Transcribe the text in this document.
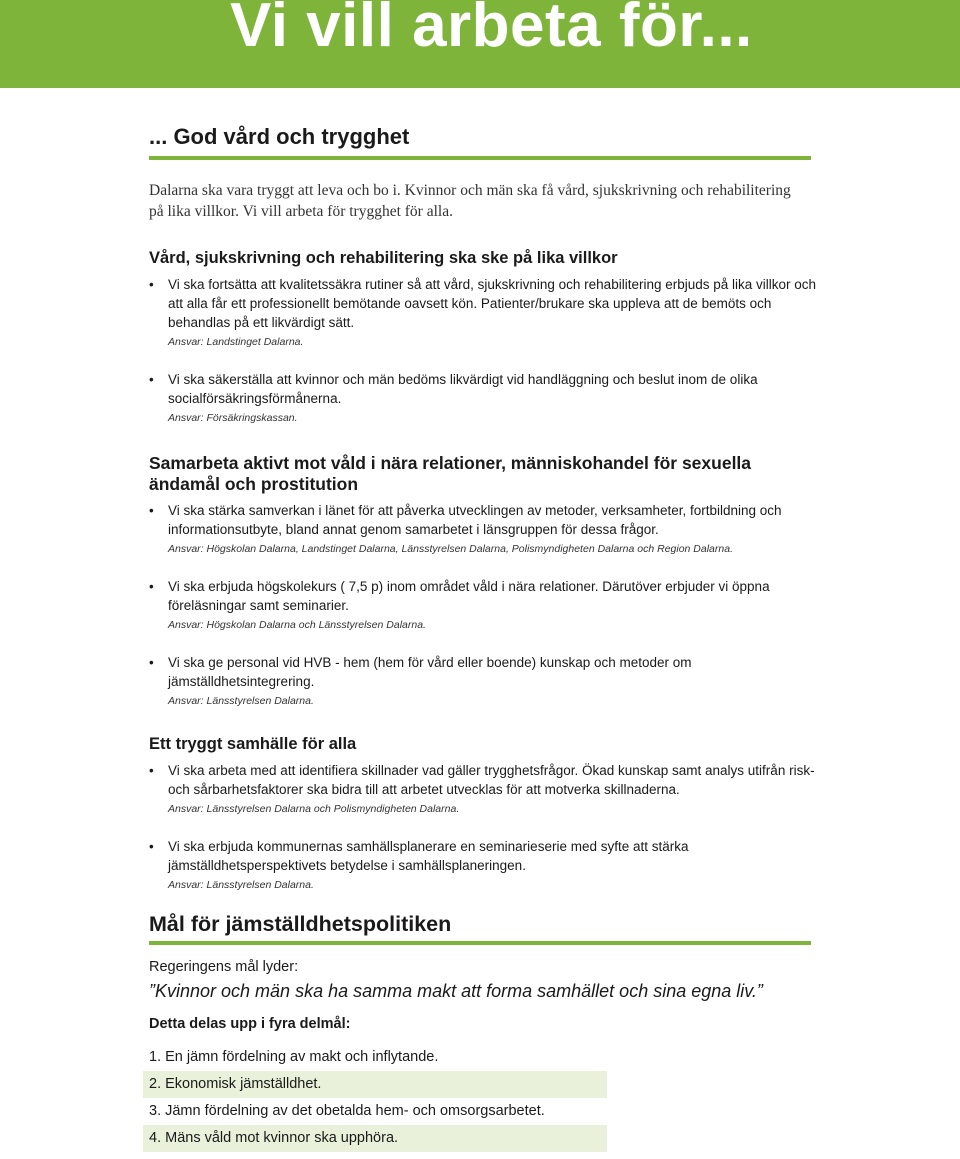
Vi vill arbeta för...
... God vård och trygghet

Dalarna ska vara tryggt att leva och bo i. Kvinnor och män ska få vård, sjukskrivning och rehabilitering på lika villkor. Vi vill arbeta för trygghet för alla.

Vård, sjukskrivning och rehabilitering ska ske på lika villkor
• Vi ska fortsätta att kvalitetssäkra rutiner så att vård, sjukskrivning och rehabilitering erbjuds på lika villkor och att alla får ett professionellt bemötande oavsett kön. Patienter/brukare ska uppleva att de bemöts och behandlas på ett likvärdigt sätt.
Ansvar: Landstinget Dalarna.
• Vi ska säkerställa att kvinnor och män bedöms likvärdigt vid handläggning och beslut inom de olika socialförsäkringsförmånerna.
Ansvar: Försäkringskassan.
Samarbeta aktivt mot våld i nära relationer, människohandel för sexuella ändamål och prostitution
• Vi ska stärka samverkan i länet för att påverka utvecklingen av metoder, verksamheter, fortbildning och informationsutbyte, bland annat genom samarbetet i länsgruppen för dessa frågor.
Ansvar: Högskolan Dalarna, Landstinget Dalarna, Länsstyrelsen Dalarna, Polismyndigheten Dalarna och Region Dalarna.
• Vi ska erbjuda högskolekurs ( 7,5 p) inom området våld i nära relationer. Därutöver erbjuder vi öppna föreläsningar samt seminarier.
Ansvar: Högskolan Dalarna och Länsstyrelsen Dalarna.
• Vi ska ge personal vid HVB - hem (hem för vård eller boende) kunskap och metoder om jämställdhetsintegrering.
Ansvar: Länsstyrelsen Dalarna.
Ett tryggt samhälle för alla
• Vi ska arbeta med att identifiera skillnader vad gäller trygghetsfrågor. Ökad kunskap samt analys utifrån risk- och sårbarhetsfaktorer ska bidra till att arbetet utvecklas för att motverka skillnaderna.
Ansvar: Länsstyrelsen Dalarna och Polismyndigheten Dalarna.
• Vi ska erbjuda kommunernas samhällsplanerare en seminarieserie med syfte att stärka jämställdhetsperspektivets betydelse i samhällsplaneringen.
Ansvar: Länsstyrelsen Dalarna.
Mål för jämställdhetspolitiken

Regeringens mål lyder:

”Kvinnor och män ska ha samma makt att forma samhället och sina egna liv.”

Detta delas upp i fyra delmål:

1. En jämn fördelning av makt och inflytande.
2. Ekonomisk jämställdhet.
3. Jämn fördelning av det obetalda hem- och omsorgsarbetet.
4. Mäns våld mot kvinnor ska upphöra.
